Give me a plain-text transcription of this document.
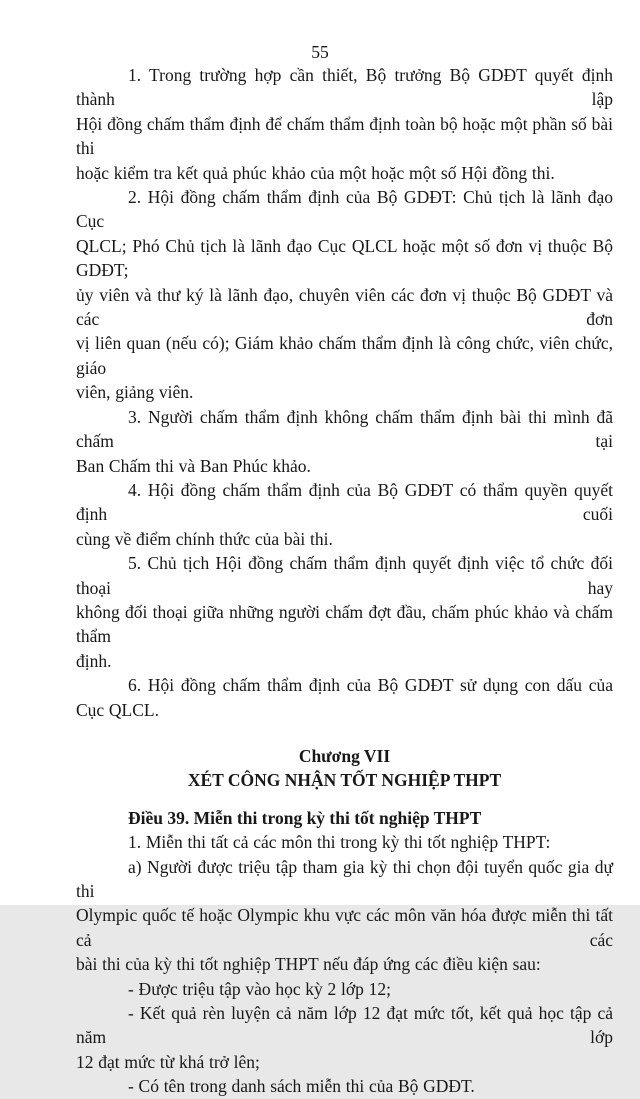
55
1. Trong trường hợp cần thiết, Bộ trưởng Bộ GDĐT quyết định thành lập
Hội đồng chấm thẩm định để chấm thẩm định toàn bộ hoặc một phần số bài thi
hoặc kiểm tra kết quả phúc khảo của một hoặc một số Hội đồng thi.
2. Hội đồng chấm thẩm định của Bộ GDĐT: Chủ tịch là lãnh đạo Cục
QLCL; Phó Chủ tịch là lãnh đạo Cục QLCL hoặc một số đơn vị thuộc Bộ GDĐT;
ủy viên và thư ký là lãnh đạo, chuyên viên các đơn vị thuộc Bộ GDĐT và các đơn
vị liên quan (nếu có); Giám khảo chấm thẩm định là công chức, viên chức, giáo
viên, giảng viên.
3. Người chấm thẩm định không chấm thẩm định bài thi mình đã chấm tại
Ban Chấm thi và Ban Phúc khảo.
4. Hội đồng chấm thẩm định của Bộ GDĐT có thẩm quyền quyết định cuối
cùng về điểm chính thức của bài thi.
5. Chủ tịch Hội đồng chấm thẩm định quyết định việc tổ chức đối thoại hay
không đối thoại giữa những người chấm đợt đầu, chấm phúc khảo và chấm thẩm
định.
6. Hội đồng chấm thẩm định của Bộ GDĐT sử dụng con dấu của
Cục QLCL.
Chương VII
XÉT CÔNG NHẬN TỐT NGHIỆP THPT
Điều 39. Miễn thi trong kỳ thi tốt nghiệp THPT
1. Miễn thi tất cả các môn thi trong kỳ thi tốt nghiệp THPT:
a) Người được triệu tập tham gia kỳ thi chọn đội tuyển quốc gia dự thi
Olympic quốc tế hoặc Olympic khu vực các môn văn hóa được miễn thi tất cả các
bài thi của kỳ thi tốt nghiệp THPT nếu đáp ứng các điều kiện sau:
- Được triệu tập vào học kỳ 2 lớp 12;
- Kết quả rèn luyện cả năm lớp 12 đạt mức tốt, kết quả học tập cả năm lớp
12 đạt mức từ khá trở lên;
- Có tên trong danh sách miễn thi của Bộ GDĐT.
